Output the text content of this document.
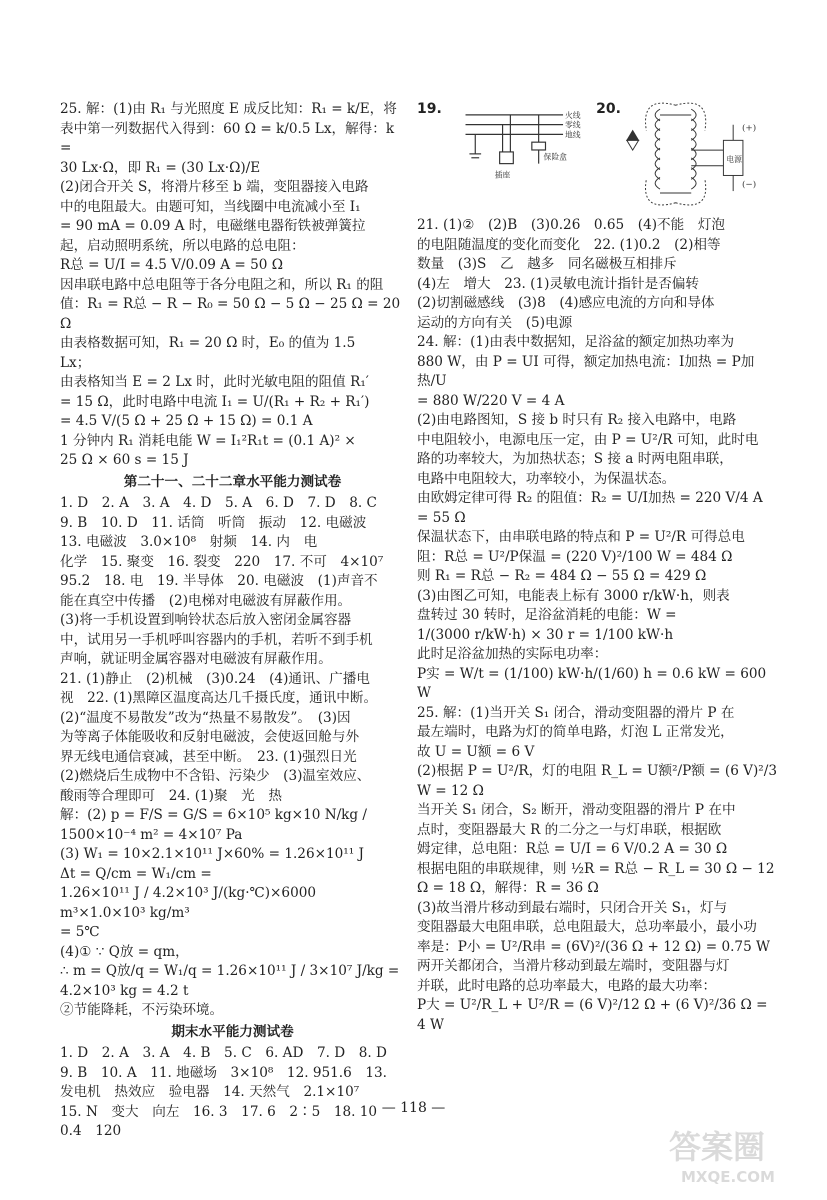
25. 解：(1)由 R₁ 与光照度 E 成反比知：R₁ = k/E，将

表中第一列数据代入得到：60 Ω = k/0.5 Lx，解得：k =

30 Lx·Ω，即 R₁ = (30 Lx·Ω)/E

(2)闭合开关 S，将滑片移至 b 端，变阻器接入电路

中的电阻最大。由题可知，当线圈中电流减小至 I₁

= 90 mA = 0.09 A 时，电磁继电器衔铁被弹簧拉

起，启动照明系统，所以电路的总电阻：

R总 = U/I = 4.5 V/0.09 A = 50 Ω

因串联电路中总电阻等于各分电阻之和，所以 R₁ 的阻

值：R₁ = R总 − R − R₀ = 50 Ω − 5 Ω − 25 Ω = 20 Ω

由表格数据可知，R₁ = 20 Ω 时，E₀ 的值为 1.5

Lx；

由表格知当 E = 2 Lx 时，此时光敏电阻的阻值 R₁′

= 15 Ω，此时电路中电流 I₁ = U/(R₁ + R₂ + R₁′)

= 4.5 V/(5 Ω + 25 Ω + 15 Ω) = 0.1 A

1 分钟内 R₁ 消耗电能 W = I₁²R₁t = (0.1 A)² ×

25 Ω × 60 s = 15 J

第二十一、二十二章水平能力测试卷

1. D　2. A　3. A　4. D　5. A　6. D　7. D　8. C

9. B　10. D　11. 话筒　听筒　振动　12. 电磁波

13. 电磁波　3.0×10⁸　射频　14. 内　电

化学　15. 聚变　16. 裂变　220　17. 不可　4×10⁷

95.2　18. 电　19. 半导体　20. 电磁波　(1)声音不

能在真空中传播　(2)电梯对电磁波有屏蔽作用。

(3)将一手机设置到响铃状态后放入密闭金属容器

中，试用另一手机呼叫容器内的手机，若听不到手机

声响，就证明金属容器对电磁波有屏蔽作用。

21. (1)静止　(2)机械　(3)0.24　(4)通讯、广播电

视　22. (1)黑障区温度高达几千摄氏度，通讯中断。

(2)“温度不易散发”改为“热量不易散发”。　(3)因

为等离子体能吸收和反射电磁波，会使返回舱与外

界无线电通信衰减，甚至中断。　23. (1)强烈日光

(2)燃烧后生成物中不含铅、污染少　(3)温室效应、

酸雨等合理即可　24. (1)聚　光　热

解：(2) p = F/S = G/S = 6×10⁵ kg×10 N/kg / 1500×10⁻⁴ m² = 4×10⁷ Pa

(3) W₁ = 10×2.1×10¹¹ J×60% = 1.26×10¹¹ J

Δt = Q/cm = W₁/cm =

1.26×10¹¹ J / 4.2×10³ J/(kg·℃)×6000 m³×1.0×10³ kg/m³

= 5℃

(4)① ∵ Q放 = qm，

∴ m = Q放/q = W₁/q = 1.26×10¹¹ J / 3×10⁷ J/kg = 4.2×10³ kg = 4.2 t

②节能降耗，不污染环境。

期末水平能力测试卷

1. D　2. A　3. A　4. B　5. C　6. AD　7. D　8. D

9. B　10. A　11. 地磁场　3×10⁸　12. 951.6　13.

发电机　热效应　验电器　14. 天然气　2.1×10⁷

15. N　变大　向左　16. 3　17. 6　2∶5　18. 10

0.4　120

19.	火线
零线
地线
插座
保险盒
20.
(+)
电源
(−)

21. (1)②　(2)B　(3)0.26　0.65　(4)不能　灯泡

的电阻随温度的变化而变化　22. (1)0.2　(2)相等

数量　(3)S　乙　越多　同名磁极互相排斥

(4)左　增大　23. (1)灵敏电流计指针是否偏转

(2)切割磁感线　(3)8　(4)感应电流的方向和导体

运动的方向有关　(5)电源

24. 解：(1)由表中数据知，足浴盆的额定加热功率为

880 W，由 P = UI 可得，额定加热电流：I加热 = P加热/U

= 880 W/220 V = 4 A

(2)由电路图知，S 接 b 时只有 R₂ 接入电路中，电路

中电阻较小，电源电压一定，由 P = U²/R 可知，此时电

路的功率较大，为加热状态；S 接 a 时两电阻串联，

电路中电阻较大，功率较小，为保温状态。

由欧姆定律可得 R₂ 的阻值：R₂ = U/I加热 = 220 V/4 A = 55 Ω

保温状态下，由串联电路的特点和 P = U²/R 可得总电

阻：R总 = U²/P保温 = (220 V)²/100 W = 484 Ω

则 R₁ = R总 − R₂ = 484 Ω − 55 Ω = 429 Ω

(3)由图乙可知，电能表上标有 3000 r/kW·h，则表

盘转过 30 转时，足浴盆消耗的电能：W =

1/(3000 r/kW·h) × 30 r = 1/100 kW·h

此时足浴盆加热的实际电功率：

P实 = W/t = (1/100) kW·h/(1/60) h = 0.6 kW = 600 W

25. 解：(1)当开关 S₁ 闭合，滑动变阻器的滑片 P 在

最左端时，电路为灯的简单电路，灯泡 L 正常发光，

故 U = U额 = 6 V

(2)根据 P = U²/R，灯的电阻 R_L = U额²/P额 = (6 V)²/3 W = 12 Ω

当开关 S₁ 闭合，S₂ 断开，滑动变阻器的滑片 P 在中

点时，变阻器最大 R 的二分之一与灯串联，根据欧

姆定律，总电阻：R总 = U/I = 6 V/0.2 A = 30 Ω

根据电阻的串联规律，则 ½R = R总 − R_L = 30 Ω − 12

Ω = 18 Ω，解得：R = 36 Ω

(3)故当滑片移动到最右端时，只闭合开关 S₁，灯与

变阻器最大电阻串联，总电阻最大，总功率最小，最小功

率是：P小 = U²/R串 = (6V)²/(36 Ω + 12 Ω) = 0.75 W

两开关都闭合，当滑片移动到最左端时，变阻器与灯

并联，此时电路的总功率最大，电路的最大功率：

P大 = U²/R_L + U²/R = (6 V)²/12 Ω + (6 V)²/36 Ω = 4 W

— 118 —
答案圈
MXQE.COM
